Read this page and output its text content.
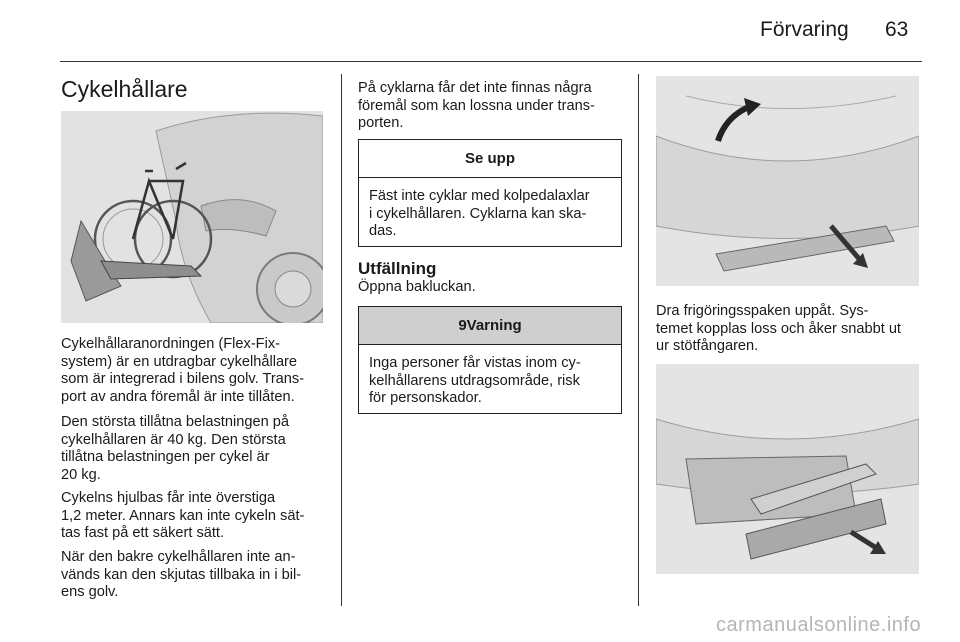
Förvaring 63
Cykelhållare
Cykelhållaranordningen (Flex-Fix-
system) är en utdragbar cykelhållare
som är integrerad i bilens golv. Trans-
port av andra föremål är inte tillåten.
Den största tillåtna belastningen på
cykelhållaren är 40 kg. Den största
tillåtna belastningen per cykel är
20 kg.
Cykelns hjulbas får inte överstiga
1,2 meter. Annars kan inte cykeln sät-
tas fast på ett säkert sätt.
När den bakre cykelhållaren inte an-
vänds kan den skjutas tillbaka in i bil-
ens golv.
På cyklarna får det inte finnas några
föremål som kan lossna under trans-
porten.
Se upp
Fäst inte cyklar med kolpedalaxlar
i cykelhållaren. Cyklarna kan ska-
das.
Utfällning
Öppna bakluckan.
9Varning
Inga personer får vistas inom cy-
kelhållarens utdragsområde, risk
för personskador.
Dra frigöringsspaken uppåt. Sys-
temet kopplas loss och åker snabbt ut
ur stötfångaren.
carmanualsonline.info
